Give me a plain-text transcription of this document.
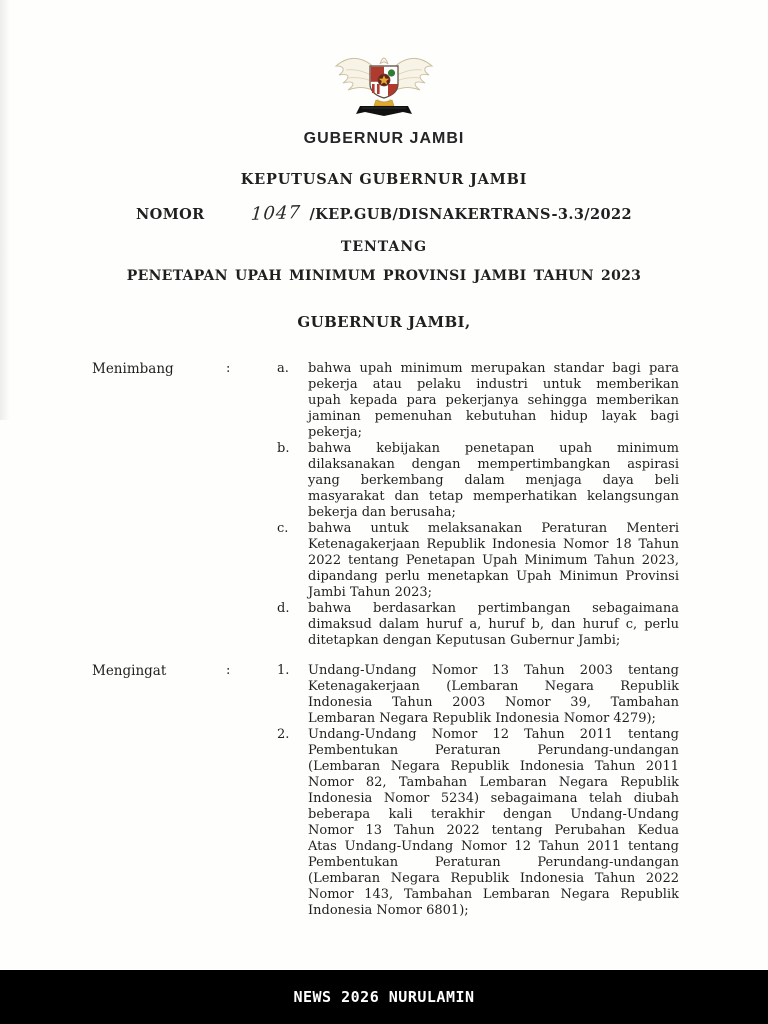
GUBERNUR JAMBI
KEPUTUSAN GUBERNUR JAMBI
NOMOR	1047 /KEP.GUB/DISNAKERTRANS-3.3/2022
TENTANG
PENETAPAN UPAH MINIMUM PROVINSI JAMBI TAHUN 2023
GUBERNUR JAMBI,
Menimbang	:	a.	bahwa upah minimum merupakan standar bagi para
pekerja atau pelaku industri untuk memberikan
upah kepada para pekerjanya sehingga memberikan
jaminan pemenuhan kebutuhan hidup layak bagi
pekerja;
b.	bahwa kebijakan penetapan upah minimum
dilaksanakan dengan mempertimbangkan aspirasi
yang berkembang dalam menjaga daya beli
masyarakat dan tetap memperhatikan kelangsungan
bekerja dan berusaha;
c.	bahwa untuk melaksanakan Peraturan Menteri
Ketenagakerjaan Republik Indonesia Nomor 18 Tahun
2022 tentang Penetapan Upah Minimum Tahun 2023,
dipandang perlu menetapkan Upah Minimun Provinsi
Jambi Tahun 2023;
d.	bahwa berdasarkan pertimbangan sebagaimana
dimaksud dalam huruf a, huruf b, dan huruf c, perlu
ditetapkan dengan Keputusan Gubernur Jambi;
Mengingat	:	1.	Undang-Undang Nomor 13 Tahun 2003 tentang
Ketenagakerjaan (Lembaran Negara Republik
Indonesia Tahun 2003 Nomor 39, Tambahan
Lembaran Negara Republik Indonesia Nomor 4279);
2.	Undang-Undang Nomor 12 Tahun 2011 tentang
Pembentukan Peraturan Perundang-undangan
(Lembaran Negara Republik Indonesia Tahun 2011
Nomor 82, Tambahan Lembaran Negara Republik
Indonesia Nomor 5234) sebagaimana telah diubah
beberapa kali terakhir dengan Undang-Undang
Nomor 13 Tahun 2022 tentang Perubahan Kedua
Atas Undang-Undang Nomor 12 Tahun 2011 tentang
Pembentukan Peraturan Perundang-undangan
(Lembaran Negara Republik Indonesia Tahun 2022
Nomor 143, Tambahan Lembaran Negara Republik
Indonesia Nomor 6801);
NEWS 2026 NURULAMIN
